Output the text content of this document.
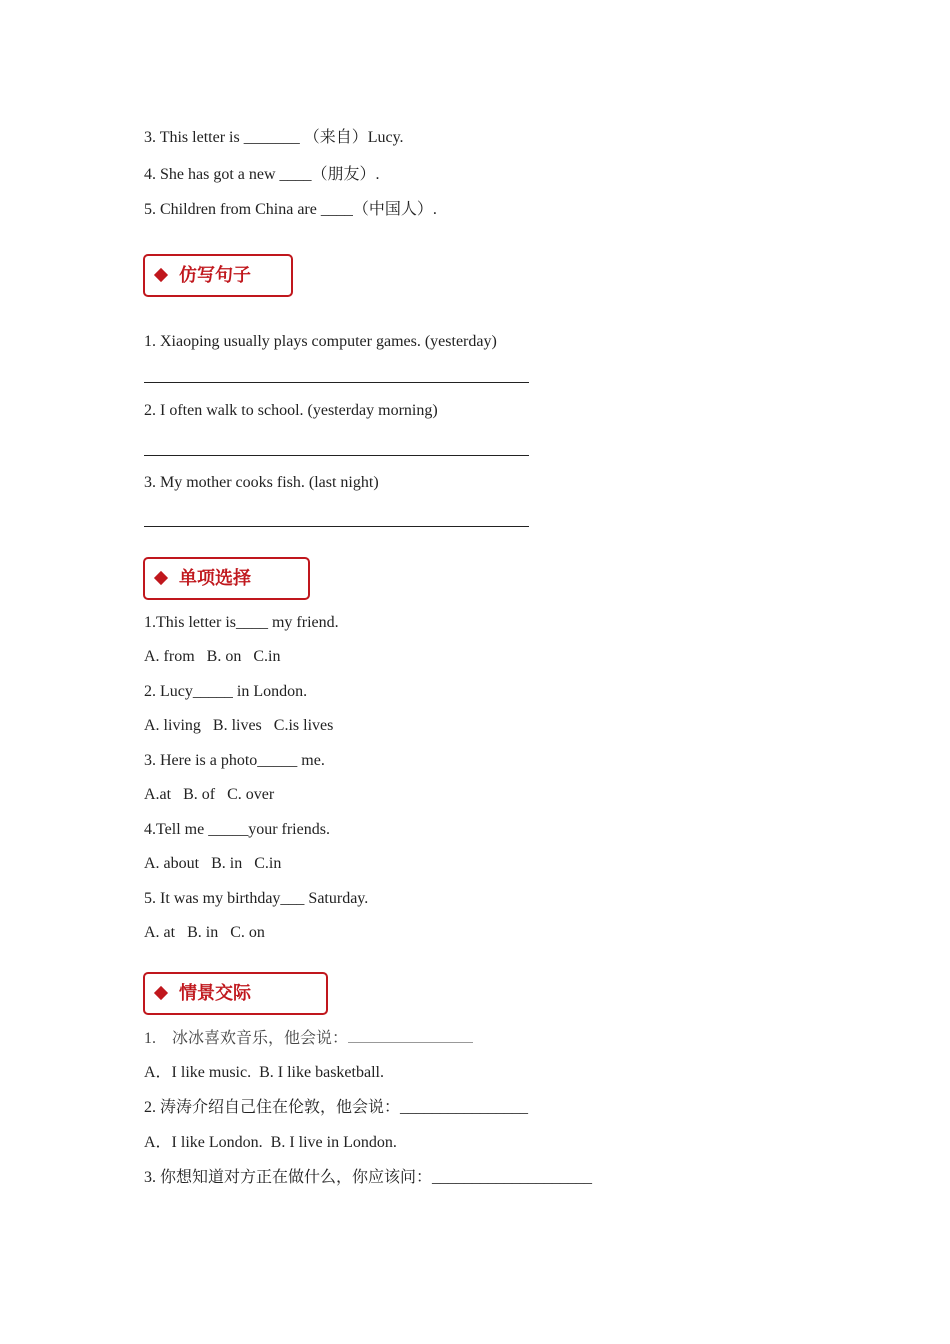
3. This letter is _______ （来自）Lucy.
4. She has got a new ____（朋友）.
5. Children from China are ____（中国人）.
仿写句子
1. Xiaoping usually plays computer games. (yesterday)
2. I often walk to school. (yesterday morning)
3. My mother cooks fish. (last night)
单项选择
1.This letter is____ my friend.
A. from   B. on   C.in
2. Lucy_____ in London.
A. living   B. lives   C.is lives
3. Here is a photo_____ me.
A.at   B. of   C. over
4.Tell me _____your friends.
A. about   B. in   C.in
5. It was my birthday___ Saturday.
A. at   B. in   C. on
情景交际
1.    冰冰喜欢音乐，他会说：
A．I like music.  B. I like basketball.
2. 涛涛介绍自己住在伦敦，他会说：________________
A．I like London.  B. I live in London.
3. 你想知道对方正在做什么，你应该问：____________________
